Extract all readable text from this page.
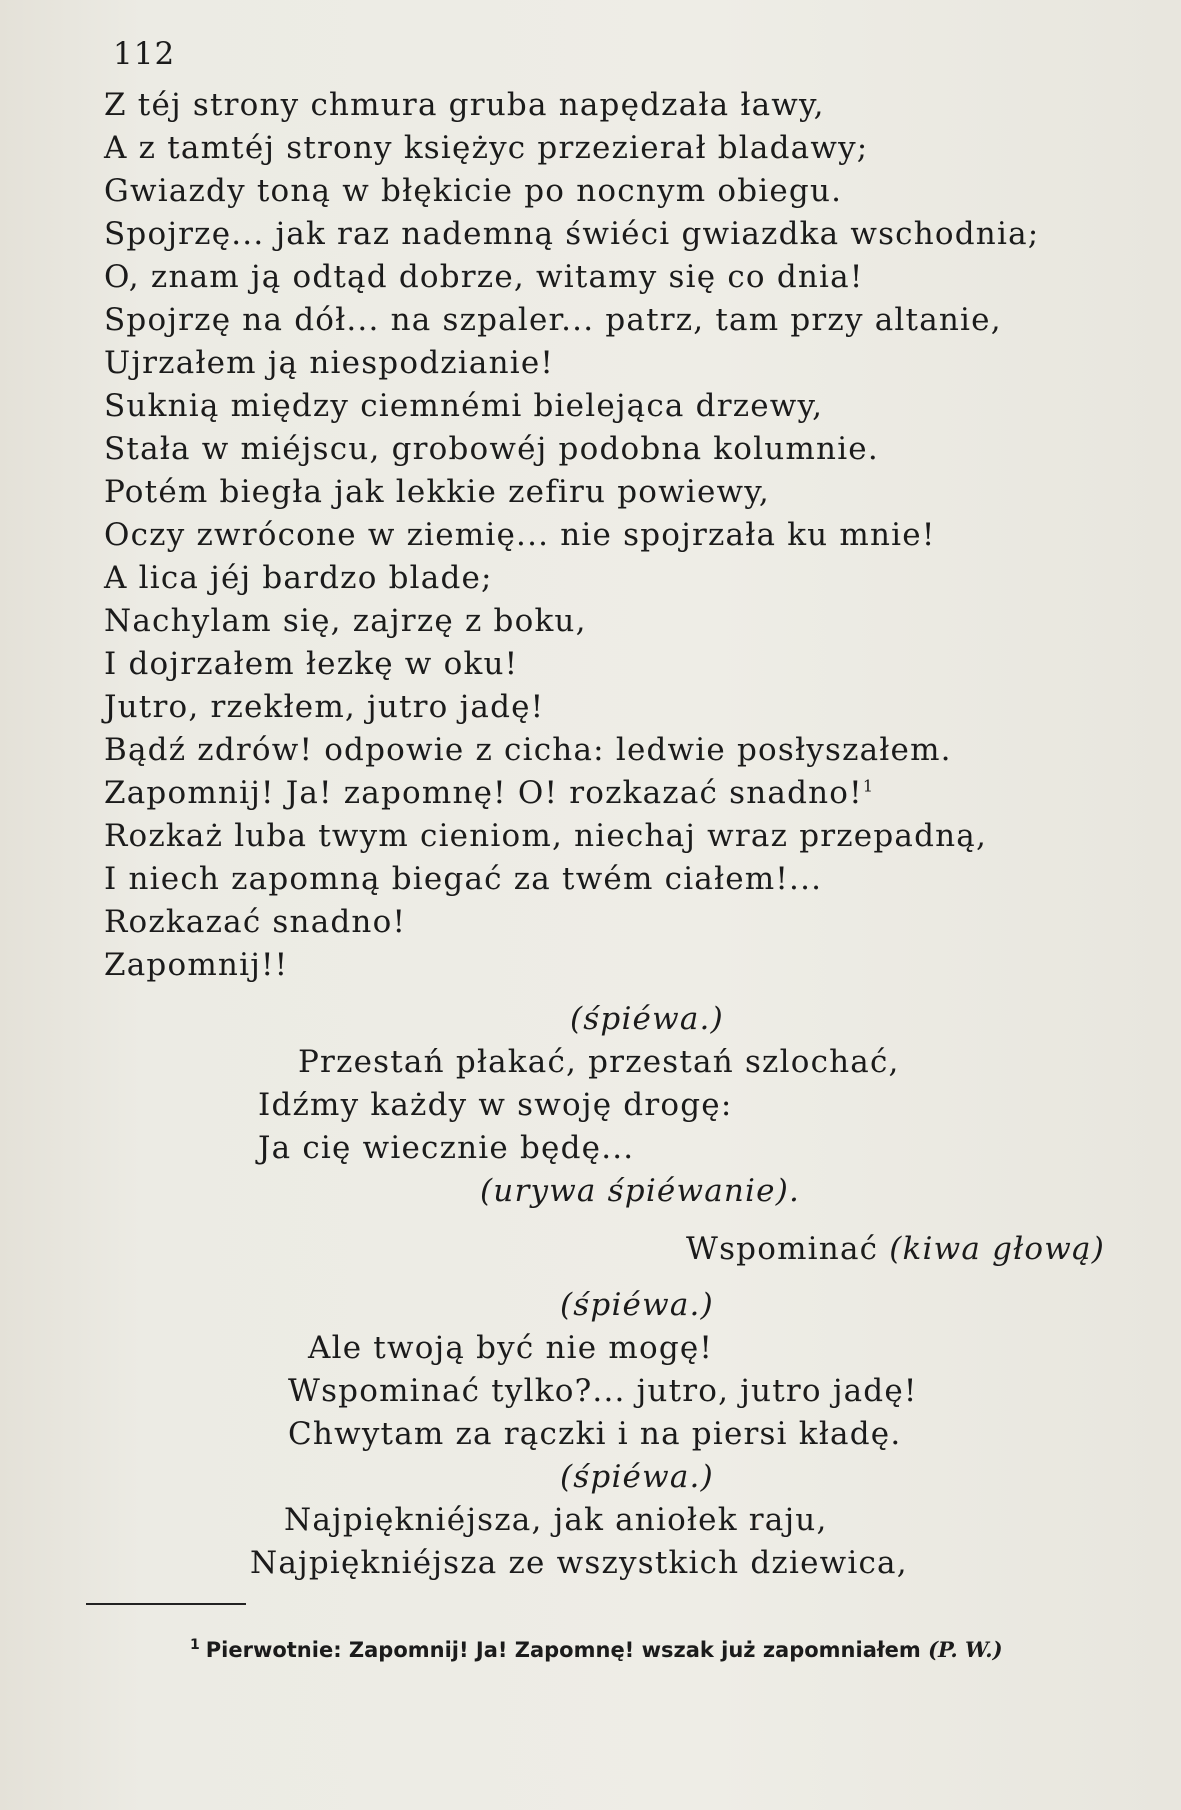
112
Z téj strony chmura gruba napędzała ławy,
A z tamtéj strony księżyc przezierał bladawy;
Gwiazdy toną w błękicie po nocnym obiegu.
Spojrzę... jak raz nademną świéci gwiazdka wschodnia;
O, znam ją odtąd dobrze, witamy się co dnia!
Spojrzę na dół... na szpaler... patrz, tam przy altanie,
Ujrzałem ją niespodzianie!
Suknią między ciemnémi bielejąca drzewy,
Stała w miéjscu, grobowéj podobna kolumnie.
Potém biegła jak lekkie zefiru powiewy,
Oczy zwrócone w ziemię... nie spojrzała ku mnie!
A lica jéj bardzo blade;
Nachylam się, zajrzę z boku,
I dojrzałem łezkę w oku!
Jutro, rzekłem, jutro jadę!
Bądź zdrów! odpowie z cicha: ledwie posłyszałem.
Zapomnij! Ja! zapomnę! O! rozkazać snadno!$^1$
Rozkaż luba twym cieniom, niechaj wraz przepadną,
I niech zapomną biegać za twém ciałem!...
Rozkazać snadno!
Zapomnij!!
(śpiéwa.)
Przestań płakać, przestań szlochać,
Idźmy każdy w swoję drogę:
Ja cię wiecznie będę...
(urywa śpiéwanie).
Wspominać (kiwa głową)
(śpiéwa.)
Ale twoją być nie mogę!
Wspominać tylko?... jutro, jutro jadę!
Chwytam za rączki i na piersi kładę.
(śpiéwa.)
Najpiękniéjsza, jak aniołek raju,
Najpiękniéjsza ze wszystkich dziewica,
$^1$ Pierwotnie: Zapomnij! Ja! Zapomnę! wszak już zapomniałem (P. W.)
